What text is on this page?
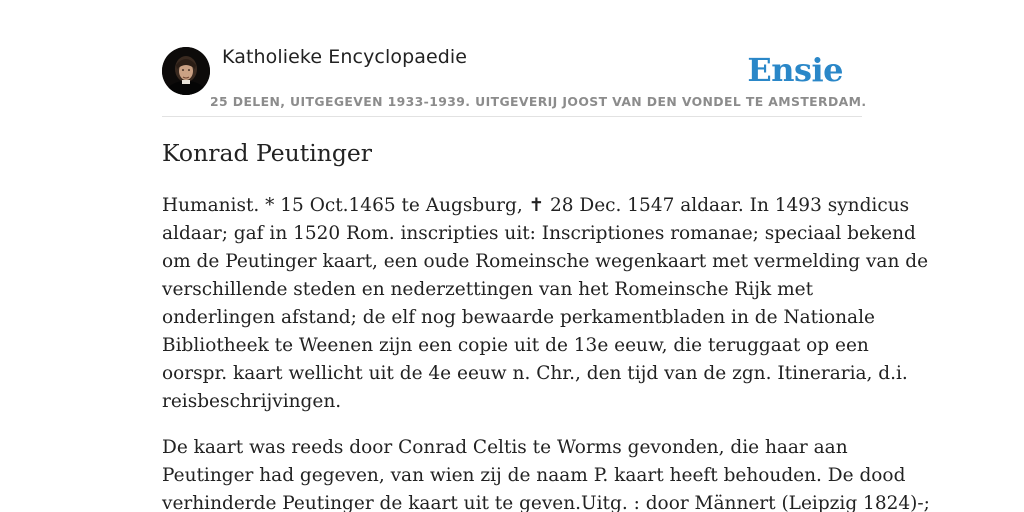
Katholieke Encyclopaedie	Ensie
25 DELEN, UITGEGEVEN 1933-1939. UITGEVERIJ JOOST VAN DEN VONDEL TE AMSTERDAM.
Konrad Peutinger

Humanist. * 15 Oct.1465 te Augsburg, ✝ 28 Dec. 1547 aldaar. In 1493 syndicus
aldaar; gaf in 1520 Rom. inscripties uit: Inscriptiones romanae; speciaal bekend
om de Peutinger kaart, een oude Romeinsche wegenkaart met vermelding van de
verschillende steden en nederzettingen van het Romeinsche Rijk met
onderlingen afstand; de elf nog bewaarde perkamentbladen in de Nationale
Bibliotheek te Weenen zijn een copie uit de 13e eeuw, die teruggaat op een
oorspr. kaart wellicht uit de 4e eeuw n. Chr., den tijd van de zgn. Itineraria, d.i.
reisbeschrijvingen.

De kaart was reeds door Conrad Celtis te Worms gevonden, die haar aan
Peutinger had gegeven, van wien zij de naam P. kaart heeft behouden. De dood
verhinderde Peutinger de kaart uit te geven.Uitg. : door Männert (Leipzig 1824)-;
